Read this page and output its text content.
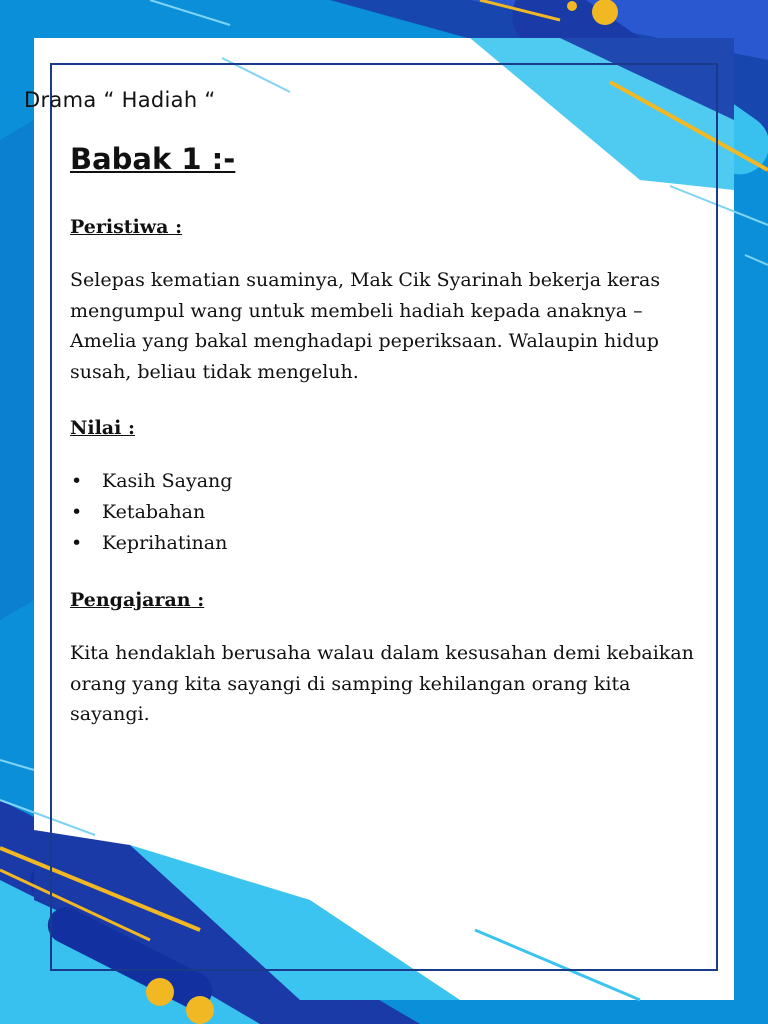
Drama “ Hadiah “
Babak 1 :-
Peristiwa :
Selepas kematian suaminya, Mak Cik Syarinah bekerja keras mengumpul wang untuk membeli hadiah kepada anaknya – Amelia yang bakal menghadapi peperiksaan. Walaupin hidup susah, beliau tidak mengeluh.
Nilai :
• Kasih Sayang
• Ketabahan
• Keprihatinan
Pengajaran :
Kita hendaklah berusaha walau dalam kesusahan demi kebaikan orang yang kita sayangi di samping kehilangan orang kita sayangi.
